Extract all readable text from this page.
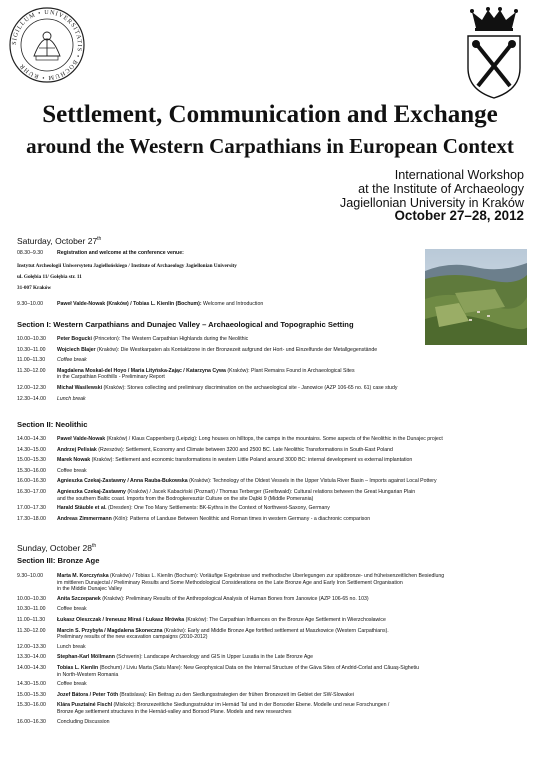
SIGILLUM • UNIVERSITATIS • BOCHUM • RUHR
Settlement, Communication and Exchange
around the Western Carpathians in European Context
International Workshop
at the Institute of Archaeology
Jagiellonian University in Kraków
October 27–28, 2012
Saturday, October 27th
08.30–9.30	Registration and welcome at the conference venue:
Instytut Archeologii Uniwersytetu Jagiellońskiego / Institute of Archaeology Jagiellonian University
ul. Gołębia 11/ Gołębia str. 11
31-007 Kraków
9.30–10.00	Paweł Valde-Nowak (Kraków) / Tobias L. Kienlin (Bochum): Welcome and Introduction
Section I: Western Carpathians and Dunajec Valley – Archaeological and Topographic Setting
10.00–10.30	Peter Bogucki (Princeton): The Western Carpathian Highlands during the Neolithic
10.30–11.00	Wojciech Blajer (Kraków): Die Westkarpaten als Kontaktzone in der Bronzezeit aufgrund der Hort- und Einzelfunde der Metallgegenstände
11.00–11.30	Coffee break
11.30–12.00	Magdalena Moskal-del Hoyo / Maria Lityńska-Zając / Katarzyna Cywa (Kraków): Plant Remains Found in Archaeological Sites
in the Carpathian Foothills - Preliminary Report
12.00–12.30	Michał Wasilewski (Kraków): Stones collecting and preliminary discrimination on the archaeological site - Janowice (AZP 106-65 no. 61) case study
12.30–14.00	Lunch break
Section II: Neolithic
14.00–14.30	Paweł Valde-Nowak (Kraków) / Klaus Cappenberg (Leipzig): Long houses on hilltops, the camps in the mountains. Some aspects of the Neolithic in the Dunajec project
14.30–15.00	Andrzej Pelisiak (Rzeszów): Settlement, Economy and Climate between 3200 and 2500 BC. Late Neolithic Transformations in South-East Poland
15.00–15.30	Marek Nowak (Kraków): Settlement and economic transformations in western Little Poland around 3000 BC: internal development vs external implantation
15.30–16.00	Coffee break
16.00–16.30	Agnieszka Czekaj-Zastawny / Anna Rauba-Bukowska (Kraków): Technology of the Oldest Vessels in the Upper Vistula River Basin – Imports against Local Pottery
16.30–17.00	Agnieszka Czekaj-Zastawny (Kraków) / Jacek Kabaciński (Poznań) / Thomas Terberger (Greifswald): Cultural relations between the Great Hungarian Plain
and the southern Baltic coast. Imports from the Bodrogkeresztúr Culture on the site Dąbki 9 (Middle Pomerania)
17.00–17.30	Harald Stäuble et al. (Dresden): One Too Many Settlements: BK-Eythra in the Context of Northwest-Saxony, Germany
17.30–18.00	Andreas Zimmermann (Köln): Patterns of Landuse Between Neolithic and Roman times in western Germany - a diachronic comparison
Sunday, October 28th
Section III: Bronze Age
9.30–10.00	Marta M. Korczyńska (Kraków) / Tobias L. Kienlin (Bochum): Vorläufige Ergebnisse und methodische Überlegungen zur spätbronze- und früheisenzeitlichen Besiedlung
im mittleren Dunajectal / Preliminary Results and Some Methodological Considerations on the Late Bronze Age and Early Iron Settlement Organisation
in the Middle Dunajec Valley
10.00–10.30	Anita Szczepanek (Kraków): Preliminary Results of the Anthropological Analysis of Human Bones from Janowice (AZP 106-65 no. 103)
10.30–11.00	Coffee break
11.00–11.30	Łukasz Oleszczak / Ireneusz Miraś / Łukasz Mrówka (Kraków): The Carpathian Influences on the Bronze Age Settlement in Wierzchosławice
11.30–12.00	Marcin S. Przybyła / Magdalena Skoneczna (Kraków): Early and Middle Bronze Age fortified settlement at Maszkowice (Western Carpathians).
Preliminary results of the new excavation campaigns (2010-2012)
12.00–13.30	Lunch break
13.30–14.00	Stephan-Karl Möllmann (Schwerin): Landscape Archaeology and GIS in Upper Lusatia in the Late Bronze Age
14.00–14.30	Tobias L. Kienlin (Bochum) / Liviu Marta (Satu Mare): New Geophysical Data on the Internal Structure of the Gáva Sites of Andrid-Corlat and Căuaş-Sighetiu
in North-Western Romania
14.30–15.00	Coffee break
15.00–15.30	Jozef Bátora / Peter Tóth (Bratislava): Ein Beitrag zu den Siedlungsstrategien der frühen Bronzezeit im Gebiet der SW-Slowakei
15.30–16.00	Klára Pusztainé Fischl (Miskolc): Bronzezeitliche Siedlungsstruktur im Hernád Tal und in der Borsoder Ebene. Modelle und neue Forschungen /
Bronze Age settlement structures in the Hernád-valley and Borsod Plane. Models and new researches
16.00–16.30	Concluding Discussion
